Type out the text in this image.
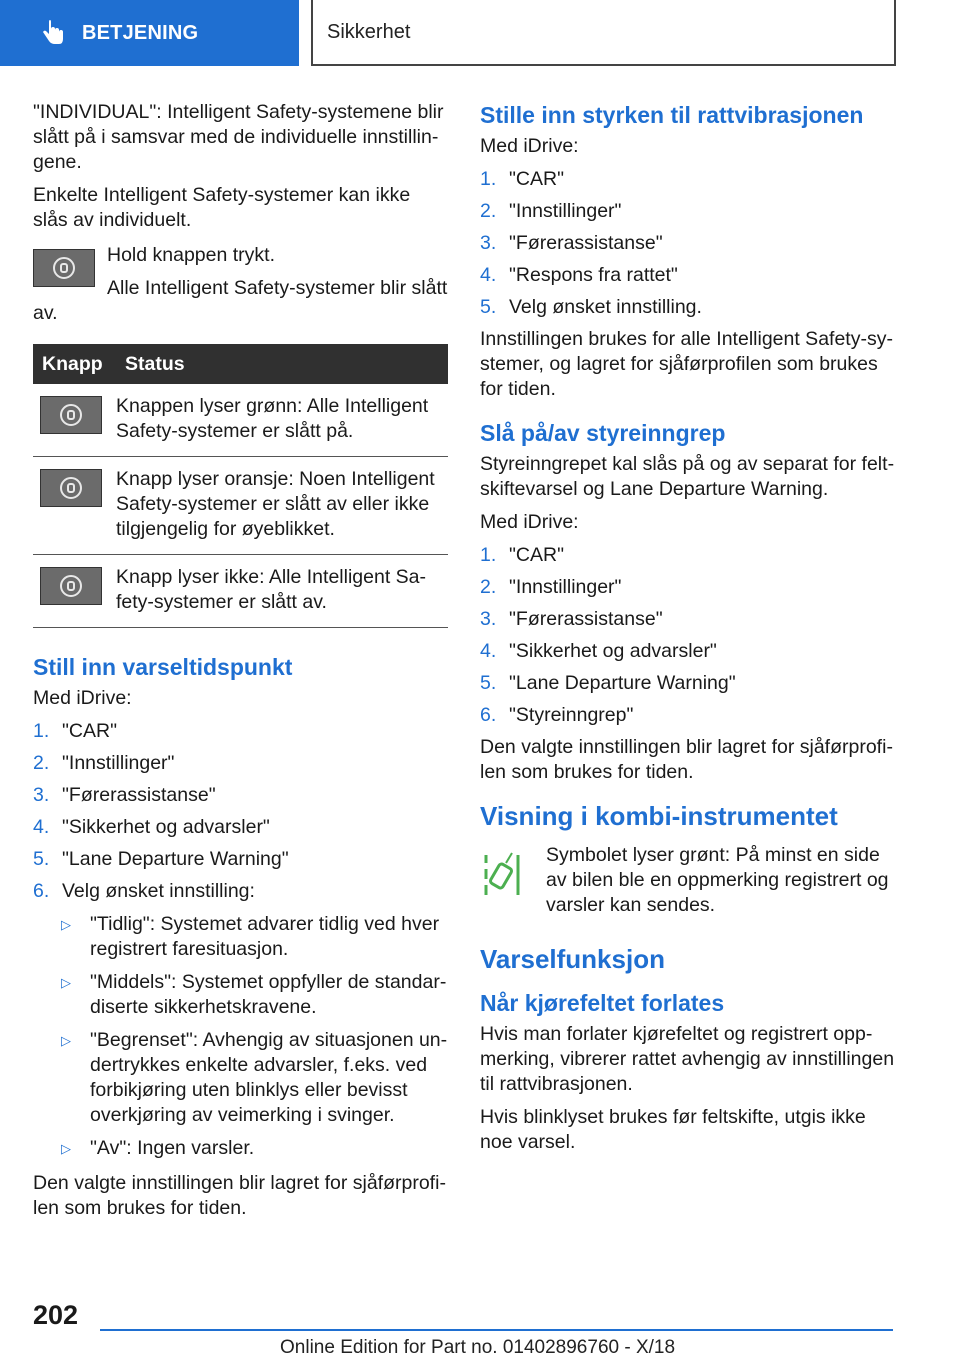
BETJENING	Sikkerhet

"INDIVIDUAL": Intelligent Safety-systemene blir slått på i samsvar med de individuelle innstillingene.

Enkelte Intelligent Safety-systemer kan ikke slås av individuelt.

Hold knappen trykt.

Alle Intelligent Safety-systemer blir slått av.

Knapp	Status

	Knappen lyser grønn: Alle Intelligent Safety-systemer er slått på.

	Knapp lyser oransje: Noen Intelligent Safety-systemer er slått av eller ikke tilgjengelig for øyeblikket.

	Knapp lyser ikke: Alle Intelligent Safety-systemer er slått av.
Still inn varseltidspunkt

Med iDrive:

1. "CAR"
2. "Innstillinger"
3. "Førerassistanse"
4. "Sikkerhet og advarsler"
5. "Lane Departure Warning"
6. Velg ønsket innstilling:
▷ "Tidlig": Systemet advarer tidlig ved hver registrert faresituasjon.
▷ "Middels": Systemet oppfyller de standardiserte sikkerhetskravene.
▷ "Begrenset": Avhengig av situasjonen undertrykkes enkelte advarsler, f.eks. ved forbikjøring uten blinklys eller bevisst overkjøring av veimerking i svinger.
▷ "Av": Ingen varsler.

Den valgte innstillingen blir lagret for sjåførprofilen som brukes for tiden.

Stille inn styrken til rattvibrasjonen

Med iDrive:

1. "CAR"
2. "Innstillinger"
3. "Førerassistanse"
4. "Respons fra rattet"
5. Velg ønsket innstilling.

Innstillingen brukes for alle Intelligent Safety-systemer, og lagret for sjåførprofilen som brukes for tiden.

Slå på/av styreinngrep

Styreinngrepet kal slås på og av separat for feltskiftevarsel og Lane Departure Warning.

Med iDrive:

1. "CAR"
2. "Innstillinger"
3. "Førerassistanse"
4. "Sikkerhet og advarsler"
5. "Lane Departure Warning"
6. "Styreinngrep"

Den valgte innstillingen blir lagret for sjåførprofilen som brukes for tiden.

Visning i kombi-instrumentet

Symbolet lyser grønt: På minst en side av bilen ble en oppmerking registrert og varsler kan sendes.

Varselfunksjon
Når kjørefeltet forlates

Hvis man forlater kjørefeltet og registrert oppmerking, vibrerer rattet avhengig av innstillingen til rattvibrasjonen.

Hvis blinklyset brukes før feltskifte, utgis ikke noe varsel.

202
Online Edition for Part no. 01402896760 - X/18
